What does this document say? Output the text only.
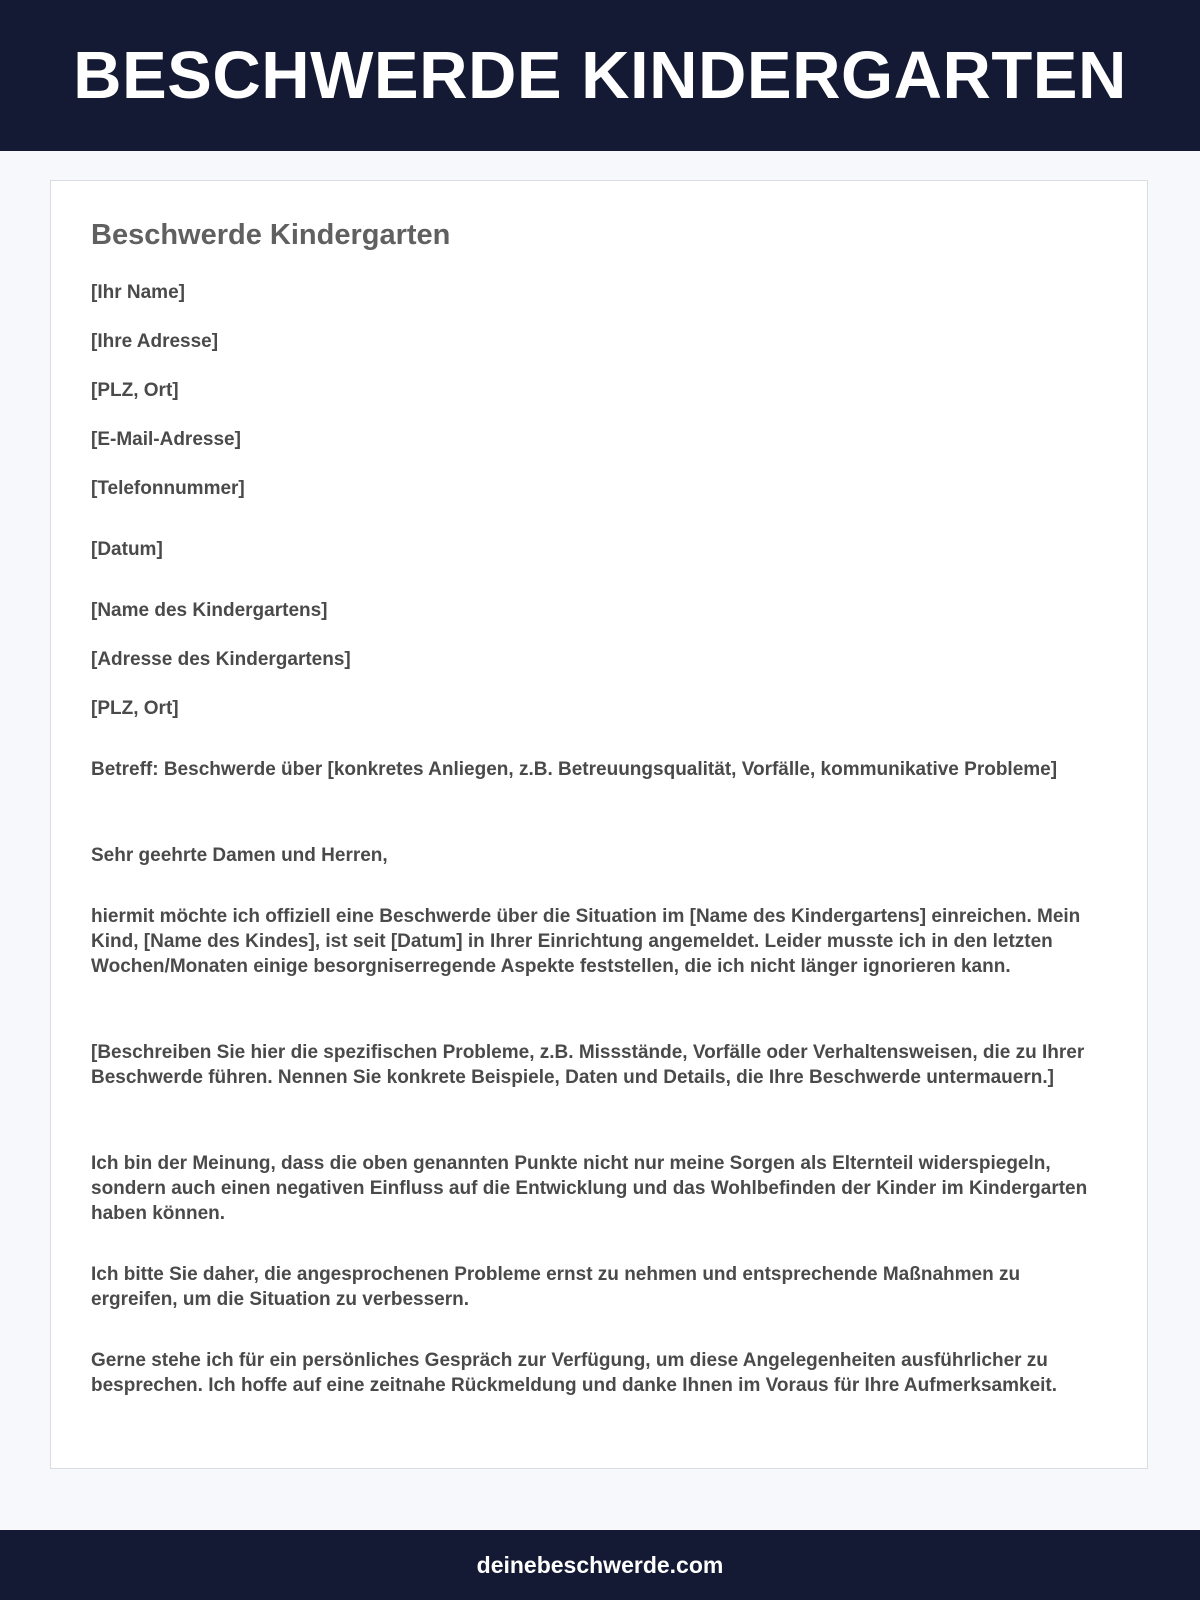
BESCHWERDE KINDERGARTEN
Beschwerde Kindergarten

[Ihr Name]

[Ihre Adresse]

[PLZ, Ort]

[E-Mail-Adresse]

[Telefonnummer]

[Datum]

[Name des Kindergartens]

[Adresse des Kindergartens]

[PLZ, Ort]

Betreff: Beschwerde über [konkretes Anliegen, z.B. Betreuungsqualität, Vorfälle, kommunikative Probleme]

Sehr geehrte Damen und Herren,

hiermit möchte ich offiziell eine Beschwerde über die Situation im [Name des Kindergartens] einreichen. Mein Kind, [Name des Kindes], ist seit [Datum] in Ihrer Einrichtung angemeldet. Leider musste ich in den letzten Wochen/Monaten einige besorgniserregende Aspekte feststellen, die ich nicht länger ignorieren kann.

[Beschreiben Sie hier die spezifischen Probleme, z.B. Missstände, Vorfälle oder Verhaltensweisen, die zu Ihrer Beschwerde führen. Nennen Sie konkrete Beispiele, Daten und Details, die Ihre Beschwerde untermauern.]

Ich bin der Meinung, dass die oben genannten Punkte nicht nur meine Sorgen als Elternteil widerspiegeln, sondern auch einen negativen Einfluss auf die Entwicklung und das Wohlbefinden der Kinder im Kindergarten haben können.

Ich bitte Sie daher, die angesprochenen Probleme ernst zu nehmen und entsprechende Maßnahmen zu ergreifen, um die Situation zu verbessern.

Gerne stehe ich für ein persönliches Gespräch zur Verfügung, um diese Angelegenheiten ausführlicher zu besprechen. Ich hoffe auf eine zeitnahe Rückmeldung und danke Ihnen im Voraus für Ihre Aufmerksamkeit.

deinebeschwerde.com
